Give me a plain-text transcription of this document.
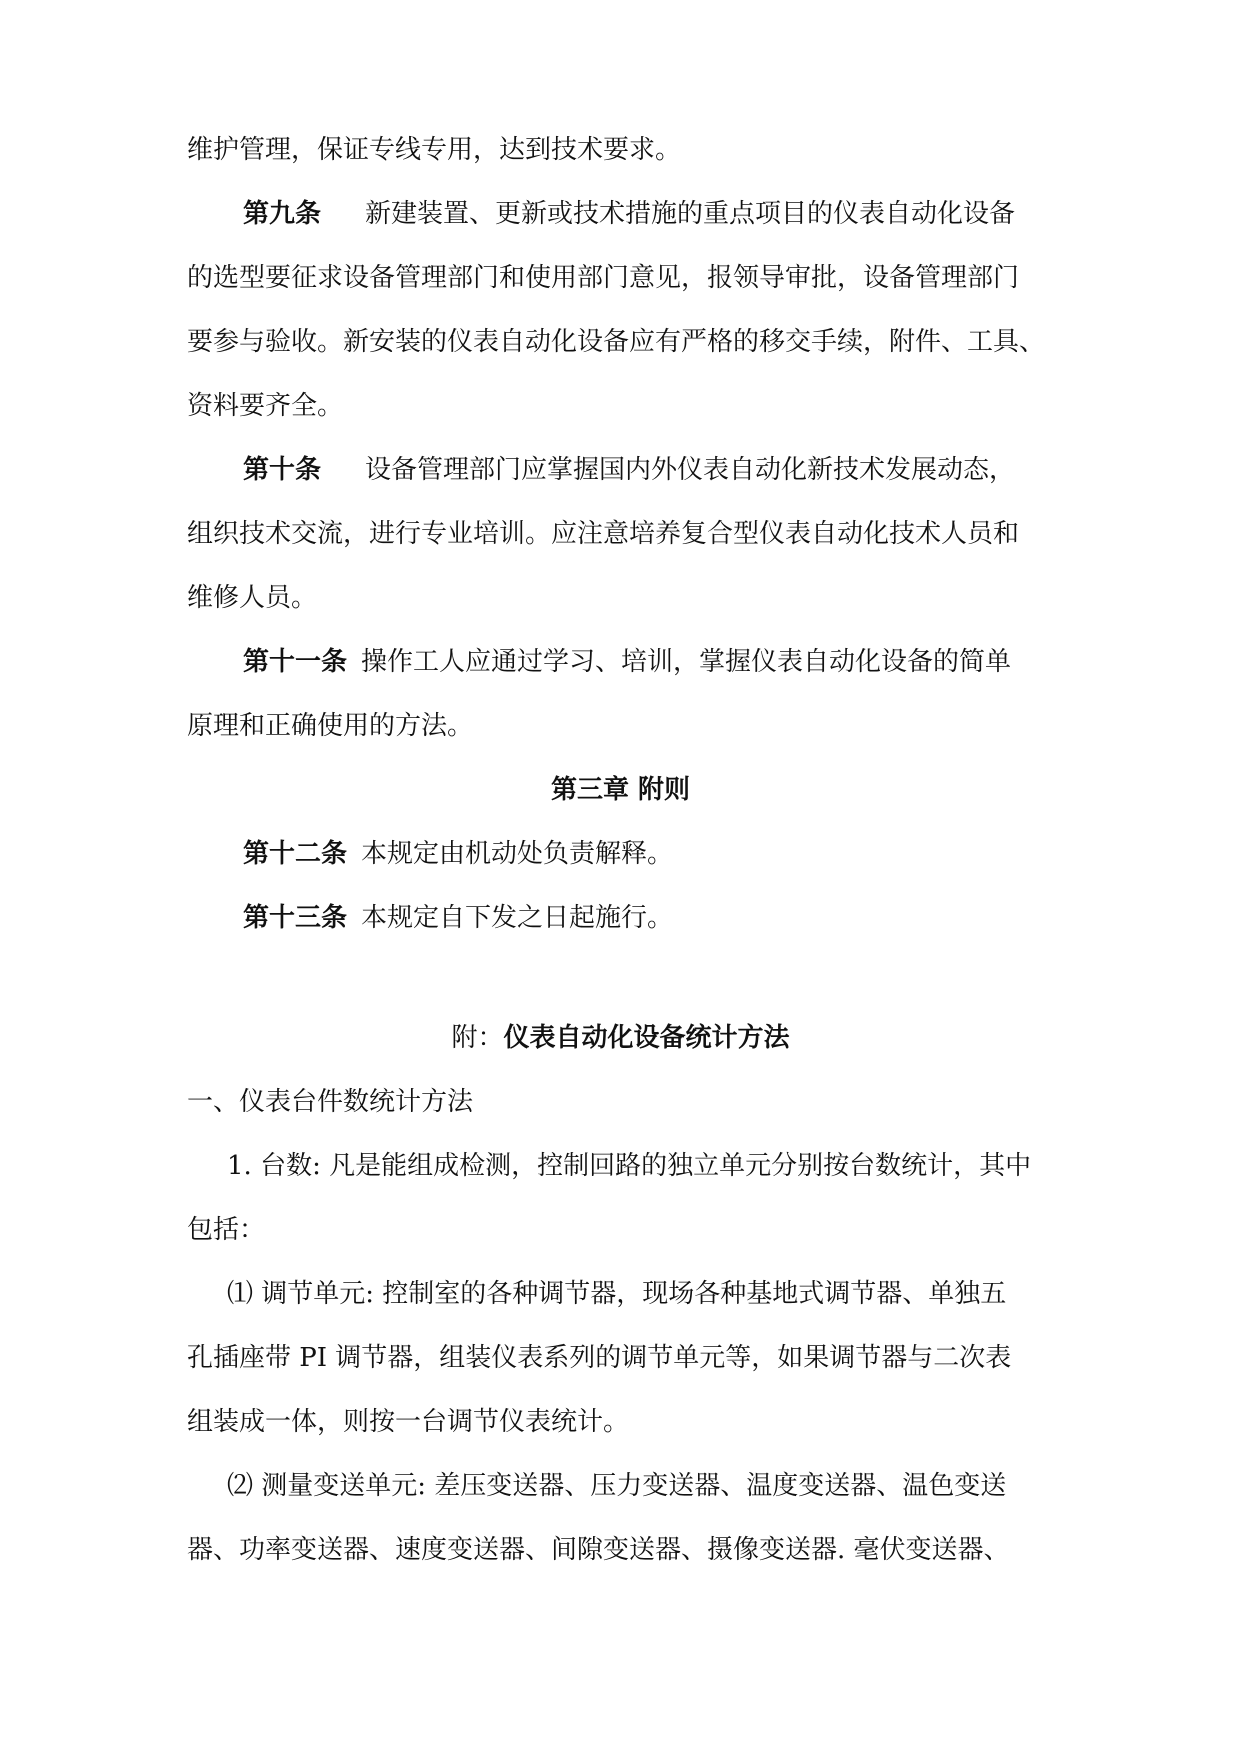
维护管理，保证专线专用，达到技术要求。
第九条 新建装置、更新或技术措施的重点项目的仪表自动化设备
的选型要征求设备管理部门和使用部门意见，报领导审批，设备管理部门
要参与验收。新安装的仪表自动化设备应有严格的移交手续，附件、工具、
资料要齐全。
第十条 设备管理部门应掌握国内外仪表自动化新技术发展动态，
组织技术交流，进行专业培训。应注意培养复合型仪表自动化技术人员和
维修人员。
第十一条 操作工人应通过学习、培训，掌握仪表自动化设备的简单
原理和正确使用的方法。
第三章 附则
第十二条 本规定由机动处负责解释。
第十三条 本规定自下发之日起施行。
附：仪表自动化设备统计方法
一、仪表台件数统计方法
1. 台数: 凡是能组成检测，控制回路的独立单元分别按台数统计，其中
包括：
⑴ 调节单元: 控制室的各种调节器，现场各种基地式调节器、单独五
孔插座带 PI 调节器，组装仪表系列的调节单元等，如果调节器与二次表
组装成一体，则按一台调节仪表统计。
⑵ 测量变送单元: 差压变送器、压力变送器、温度变送器、温色变送
器、功率变送器、速度变送器、间隙变送器、摄像变送器. 毫伏变送器、
